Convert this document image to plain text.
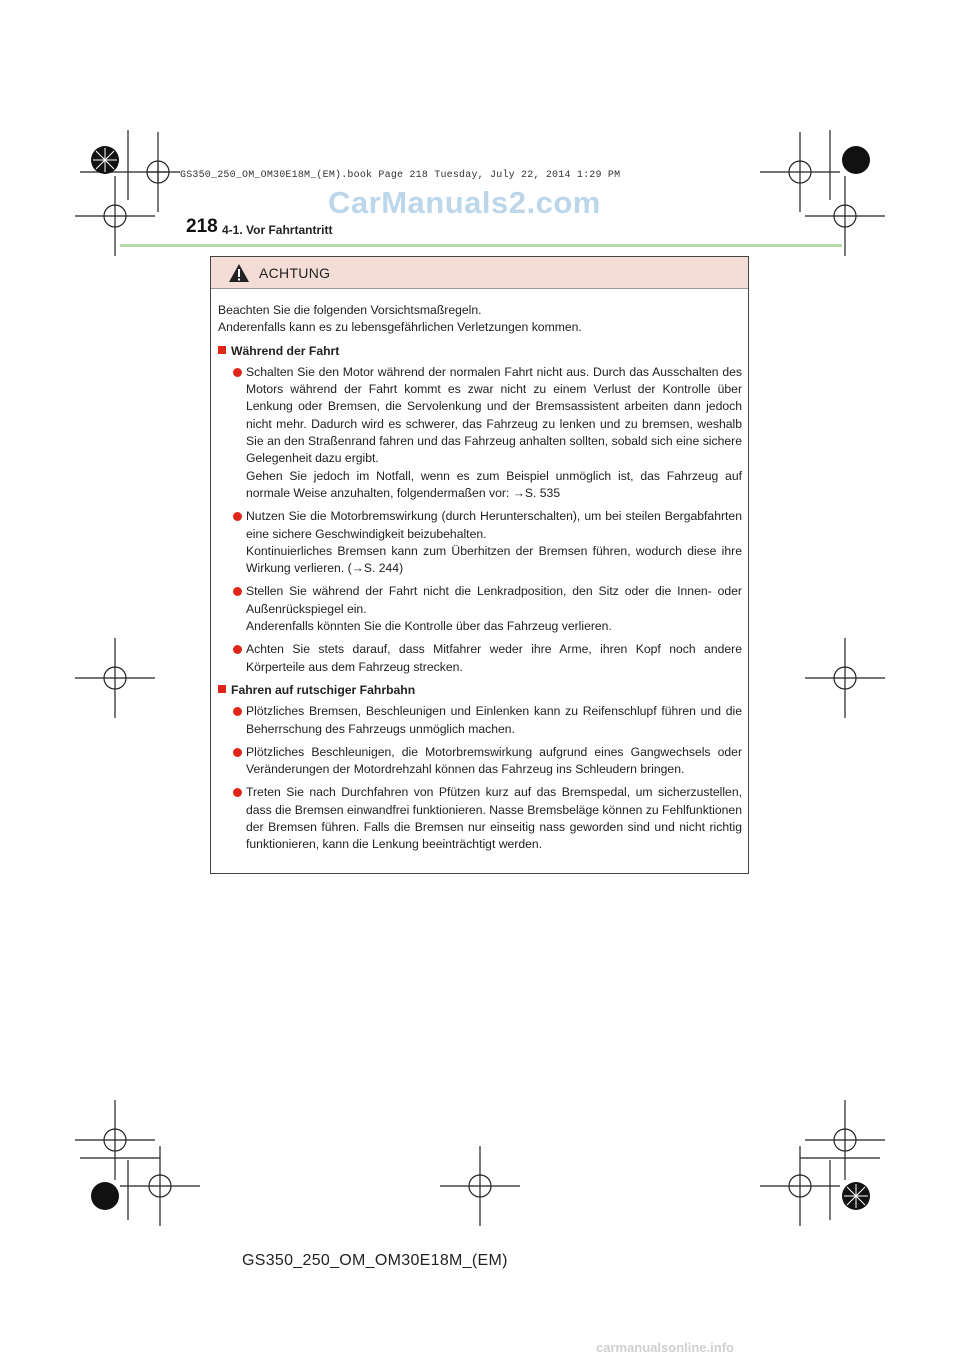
GS350_250_OM_OM30E18M_(EM).book Page 218 Tuesday, July 22, 2014 1:29 PM
CarManuals2.com
218 4-1. Vor Fahrtantritt
ACHTUNG

Beachten Sie die folgenden Vorsichtsmaßregeln.

Anderenfalls kann es zu lebensgefährlichen Verletzungen kommen.

Während der Fahrt
Schalten Sie den Motor während der normalen Fahrt nicht aus. Durch das Ausschalten des Motors während der Fahrt kommt es zwar nicht zu einem Verlust der Kontrolle über Lenkung oder Bremsen, die Servolenkung und der Bremsassistent arbeiten dann jedoch nicht mehr. Dadurch wird es schwerer, das Fahrzeug zu lenken und zu bremsen, weshalb Sie an den Straßenrand fahren und das Fahrzeug anhalten sollten, sobald sich eine sichere Gelegenheit dazu ergibt.
Gehen Sie jedoch im Notfall, wenn es zum Beispiel unmöglich ist, das Fahrzeug auf normale Weise anzuhalten, folgendermaßen vor: →S. 535
Nutzen Sie die Motorbremswirkung (durch Herunterschalten), um bei steilen Bergabfahrten eine sichere Geschwindigkeit beizubehalten.
Kontinuierliches Bremsen kann zum Überhitzen der Bremsen führen, wodurch diese ihre Wirkung verlieren. (→S. 244)
Stellen Sie während der Fahrt nicht die Lenkradposition, den Sitz oder die Innen- oder Außenrückspiegel ein.
Anderenfalls könnten Sie die Kontrolle über das Fahrzeug verlieren.
Achten Sie stets darauf, dass Mitfahrer weder ihre Arme, ihren Kopf noch andere Körperteile aus dem Fahrzeug strecken.
Fahren auf rutschiger Fahrbahn
Plötzliches Bremsen, Beschleunigen und Einlenken kann zu Reifenschlupf führen und die Beherrschung des Fahrzeugs unmöglich machen.
Plötzliches Beschleunigen, die Motorbremswirkung aufgrund eines Gangwechsels oder Veränderungen der Motordrehzahl können das Fahrzeug ins Schleudern bringen.
Treten Sie nach Durchfahren von Pfützen kurz auf das Bremspedal, um sicherzustellen, dass die Bremsen einwandfrei funktionieren. Nasse Bremsbeläge können zu Fehlfunktionen der Bremsen führen. Falls die Bremsen nur einseitig nass geworden sind und nicht richtig funktionieren, kann die Lenkung beeinträchtigt werden.
GS350_250_OM_OM30E18M_(EM)
carmanualsonline.info
